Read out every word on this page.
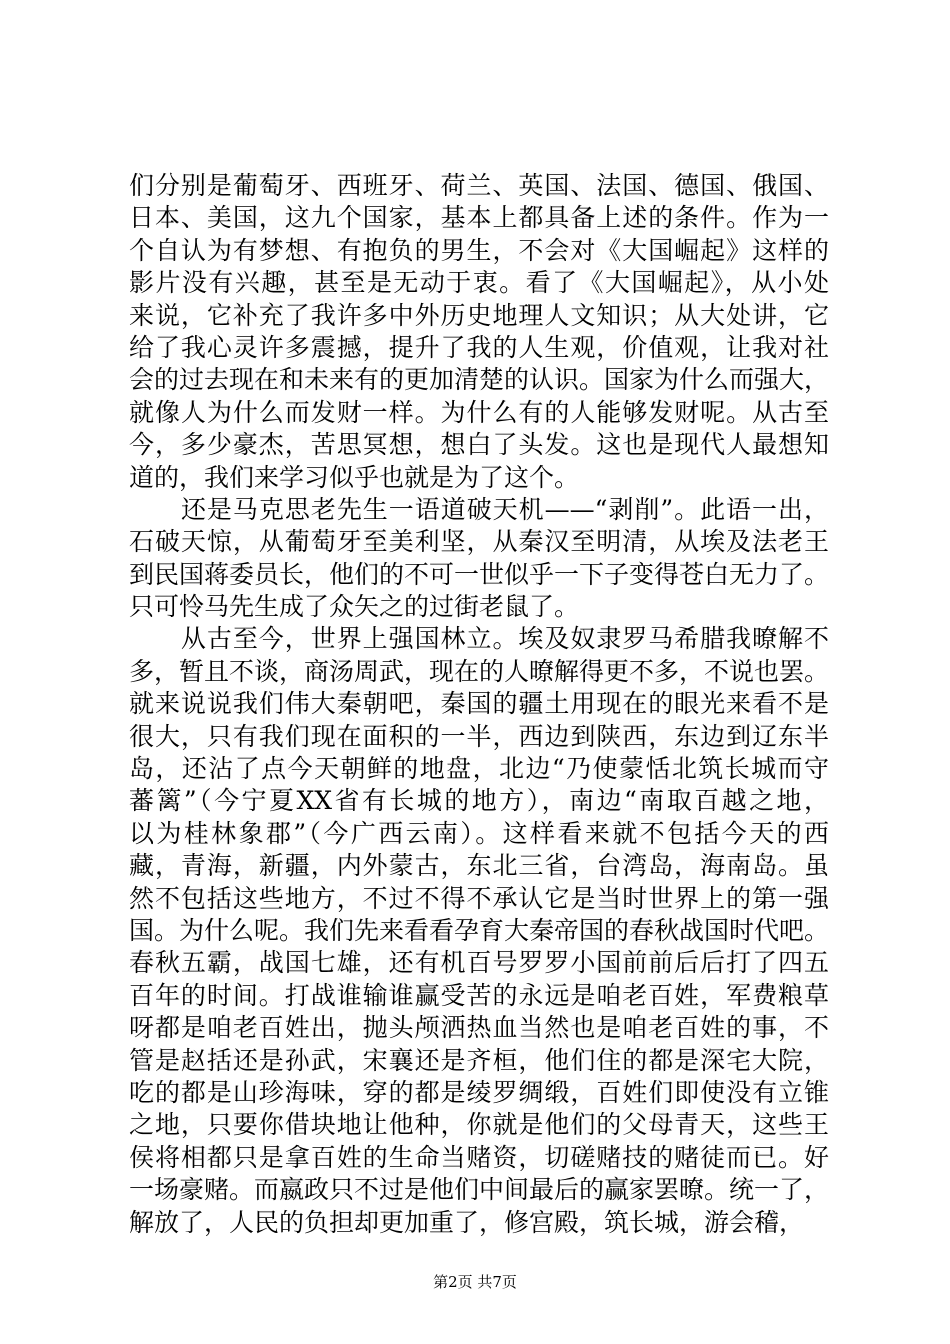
们分别是葡萄牙、西班牙、荷兰、英国、法国、德国、俄国、
日本、美国，这九个国家，基本上都具备上述的条件。作为一
个自认为有梦想、有抱负的男生，不会对《大国崛起》这样的
影片没有兴趣，甚至是无动于衷。看了《大国崛起》，从小处
来说，它补充了我许多中外历史地理人文知识；从大处讲，它
给了我心灵许多震撼，提升了我的人生观，价值观，让我对社
会的过去现在和未来有的更加清楚的认识。国家为什么而强大，
就像人为什么而发财一样。为什么有的人能够发财呢。从古至
今，多少豪杰，苦思冥想，想白了头发。这也是现代人最想知
道的，我们来学习似乎也就是为了这个。
　　还是马克思老先生一语道破天机——“剥削”。此语一出，
石破天惊，从葡萄牙至美利坚，从秦汉至明清，从埃及法老王
到民国蒋委员长，他们的不可一世似乎一下子变得苍白无力了。
只可怜马先生成了众矢之的过街老鼠了。
　　从古至今，世界上强国林立。埃及奴隶罗马希腊我暸解不
多，暂且不谈，商汤周武，现在的人暸解得更不多，不说也罢。
就来说说我们伟大秦朝吧，秦国的疆土用现在的眼光来看不是
很大，只有我们现在面积的一半，西边到陕西，东边到辽东半
岛，还沾了点今天朝鲜的地盘，北边“乃使蒙恬北筑长城而守
蕃篱”（今宁夏XX省有长城的地方），南边“南取百越之地，
以为桂林象郡”（今广西云南）。这样看来就不包括今天的西
藏，青海，新疆，内外蒙古，东北三省，台湾岛，海南岛。虽
然不包括这些地方，不过不得不承认它是当时世界上的第一强
国。为什么呢。我们先来看看孕育大秦帝国的春秋战国时代吧。
春秋五霸，战国七雄，还有机百号罗罗小国前前后后打了四五
百年的时间。打战谁输谁赢受苦的永远是咱老百姓，军费粮草
呀都是咱老百姓出，抛头颅洒热血当然也是咱老百姓的事，不
管是赵括还是孙武，宋襄还是齐桓，他们住的都是深宅大院，
吃的都是山珍海味，穿的都是绫罗绸缎，百姓们即使没有立锥
之地，只要你借块地让他种，你就是他们的父母青天，这些王
侯将相都只是拿百姓的生命当赌资，切磋赌技的赌徒而已。好
一场豪赌。而嬴政只不过是他们中间最后的赢家罢暸。统一了，
解放了，人民的负担却更加重了，修宫殿，筑长城，游会稽，
第2页 共7页
